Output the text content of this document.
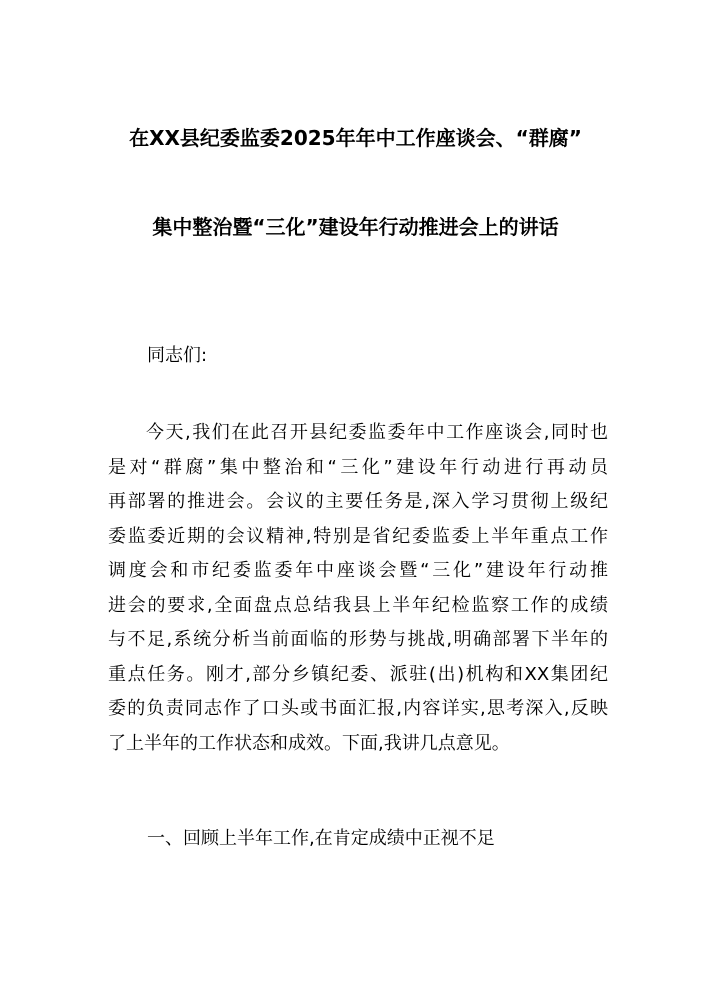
在XX县纪委监委2025年年中工作座谈会、“群腐”
集中整治暨“三化”建设年行动推进会上的讲话
同志们:
今天,我们在此召开县纪委监委年中工作座谈会,同时也
是对“群腐”集中整治和“三化”建设年行动进行再动员
再部署的推进会。会议的主要任务是,深入学习贯彻上级纪
委监委近期的会议精神,特别是省纪委监委上半年重点工作
调度会和市纪委监委年中座谈会暨“三化”建设年行动推
进会的要求,全面盘点总结我县上半年纪检监察工作的成绩
与不足,系统分析当前面临的形势与挑战,明确部署下半年的
重点任务。刚才,部分乡镇纪委、派驻(出)机构和XX集团纪
委的负责同志作了口头或书面汇报,内容详实,思考深入,反映
了上半年的工作状态和成效。下面,我讲几点意见。
一、回顾上半年工作,在肯定成绩中正视不足
